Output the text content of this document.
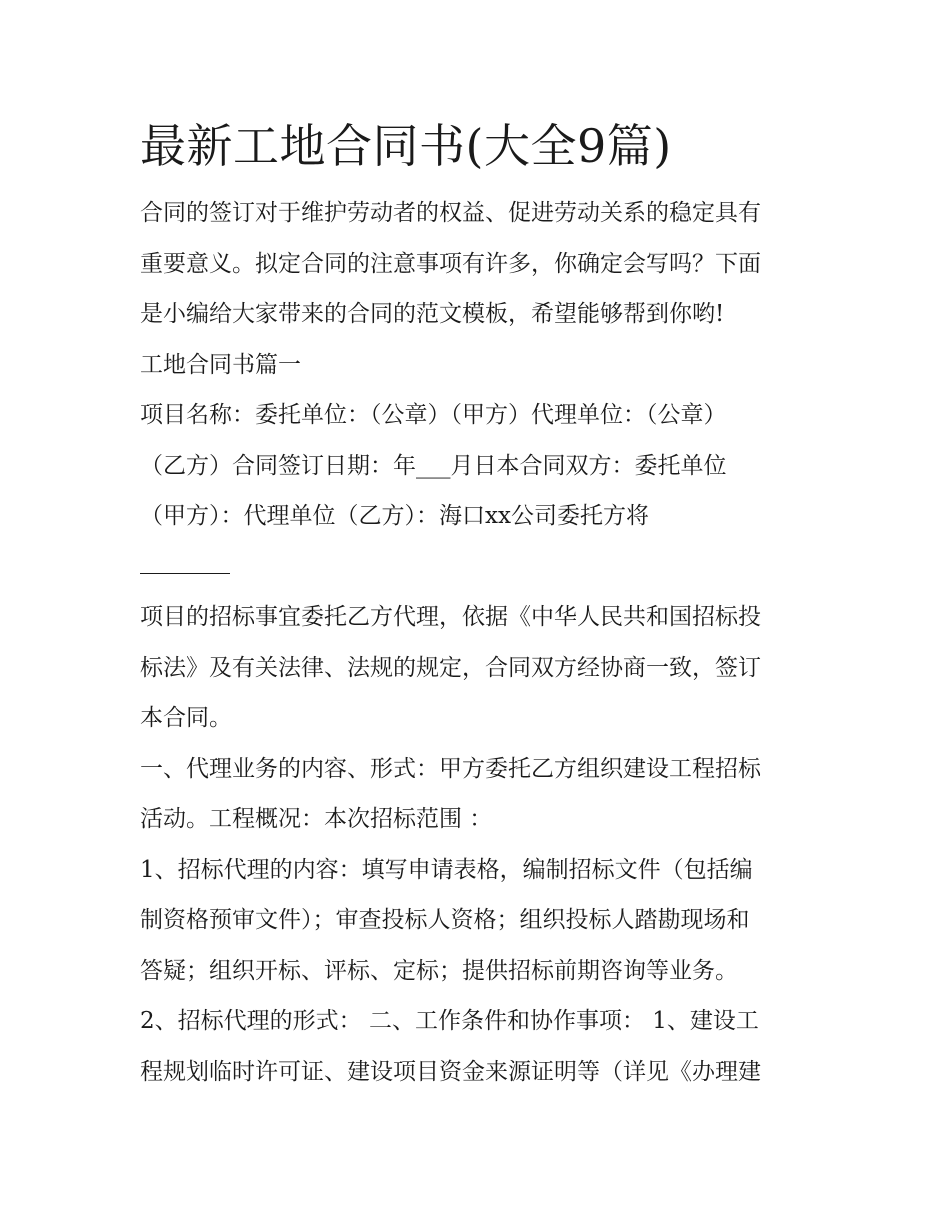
最新工地合同书(大全9篇)

合同的签订对于维护劳动者的权益、促进劳动关系的稳定具有

重要意义。拟定合同的注意事项有许多，你确定会写吗？下面

是小编给大家带来的合同的范文模板，希望能够帮到你哟!

工地合同书篇一

项目名称：委托单位：（公章）（甲方）代理单位：（公章）

（乙方）合同签订日期：年___月日本合同双方：委托单位

（甲方）：代理单位（乙方）：海口xx公司委托方将

项目的招标事宜委托乙方代理，依据《中华人民共和国招标投

标法》及有关法律、法规的规定，合同双方经协商一致，签订

本合同。

一、代理业务的内容、形式：甲方委托乙方组织建设工程招标

活动。工程概况：本次招标范围 ：

1、招标代理的内容：填写申请表格，编制招标文件（包括编

制资格预审文件）；审查投标人资格；组织投标人踏勘现场和

答疑；组织开标、评标、定标；提供招标前期咨询等业务。

2、招标代理的形式： 二、工作条件和协作事项： 1、建设工

程规划临时许可证、建设项目资金来源证明等（详见《办理建
